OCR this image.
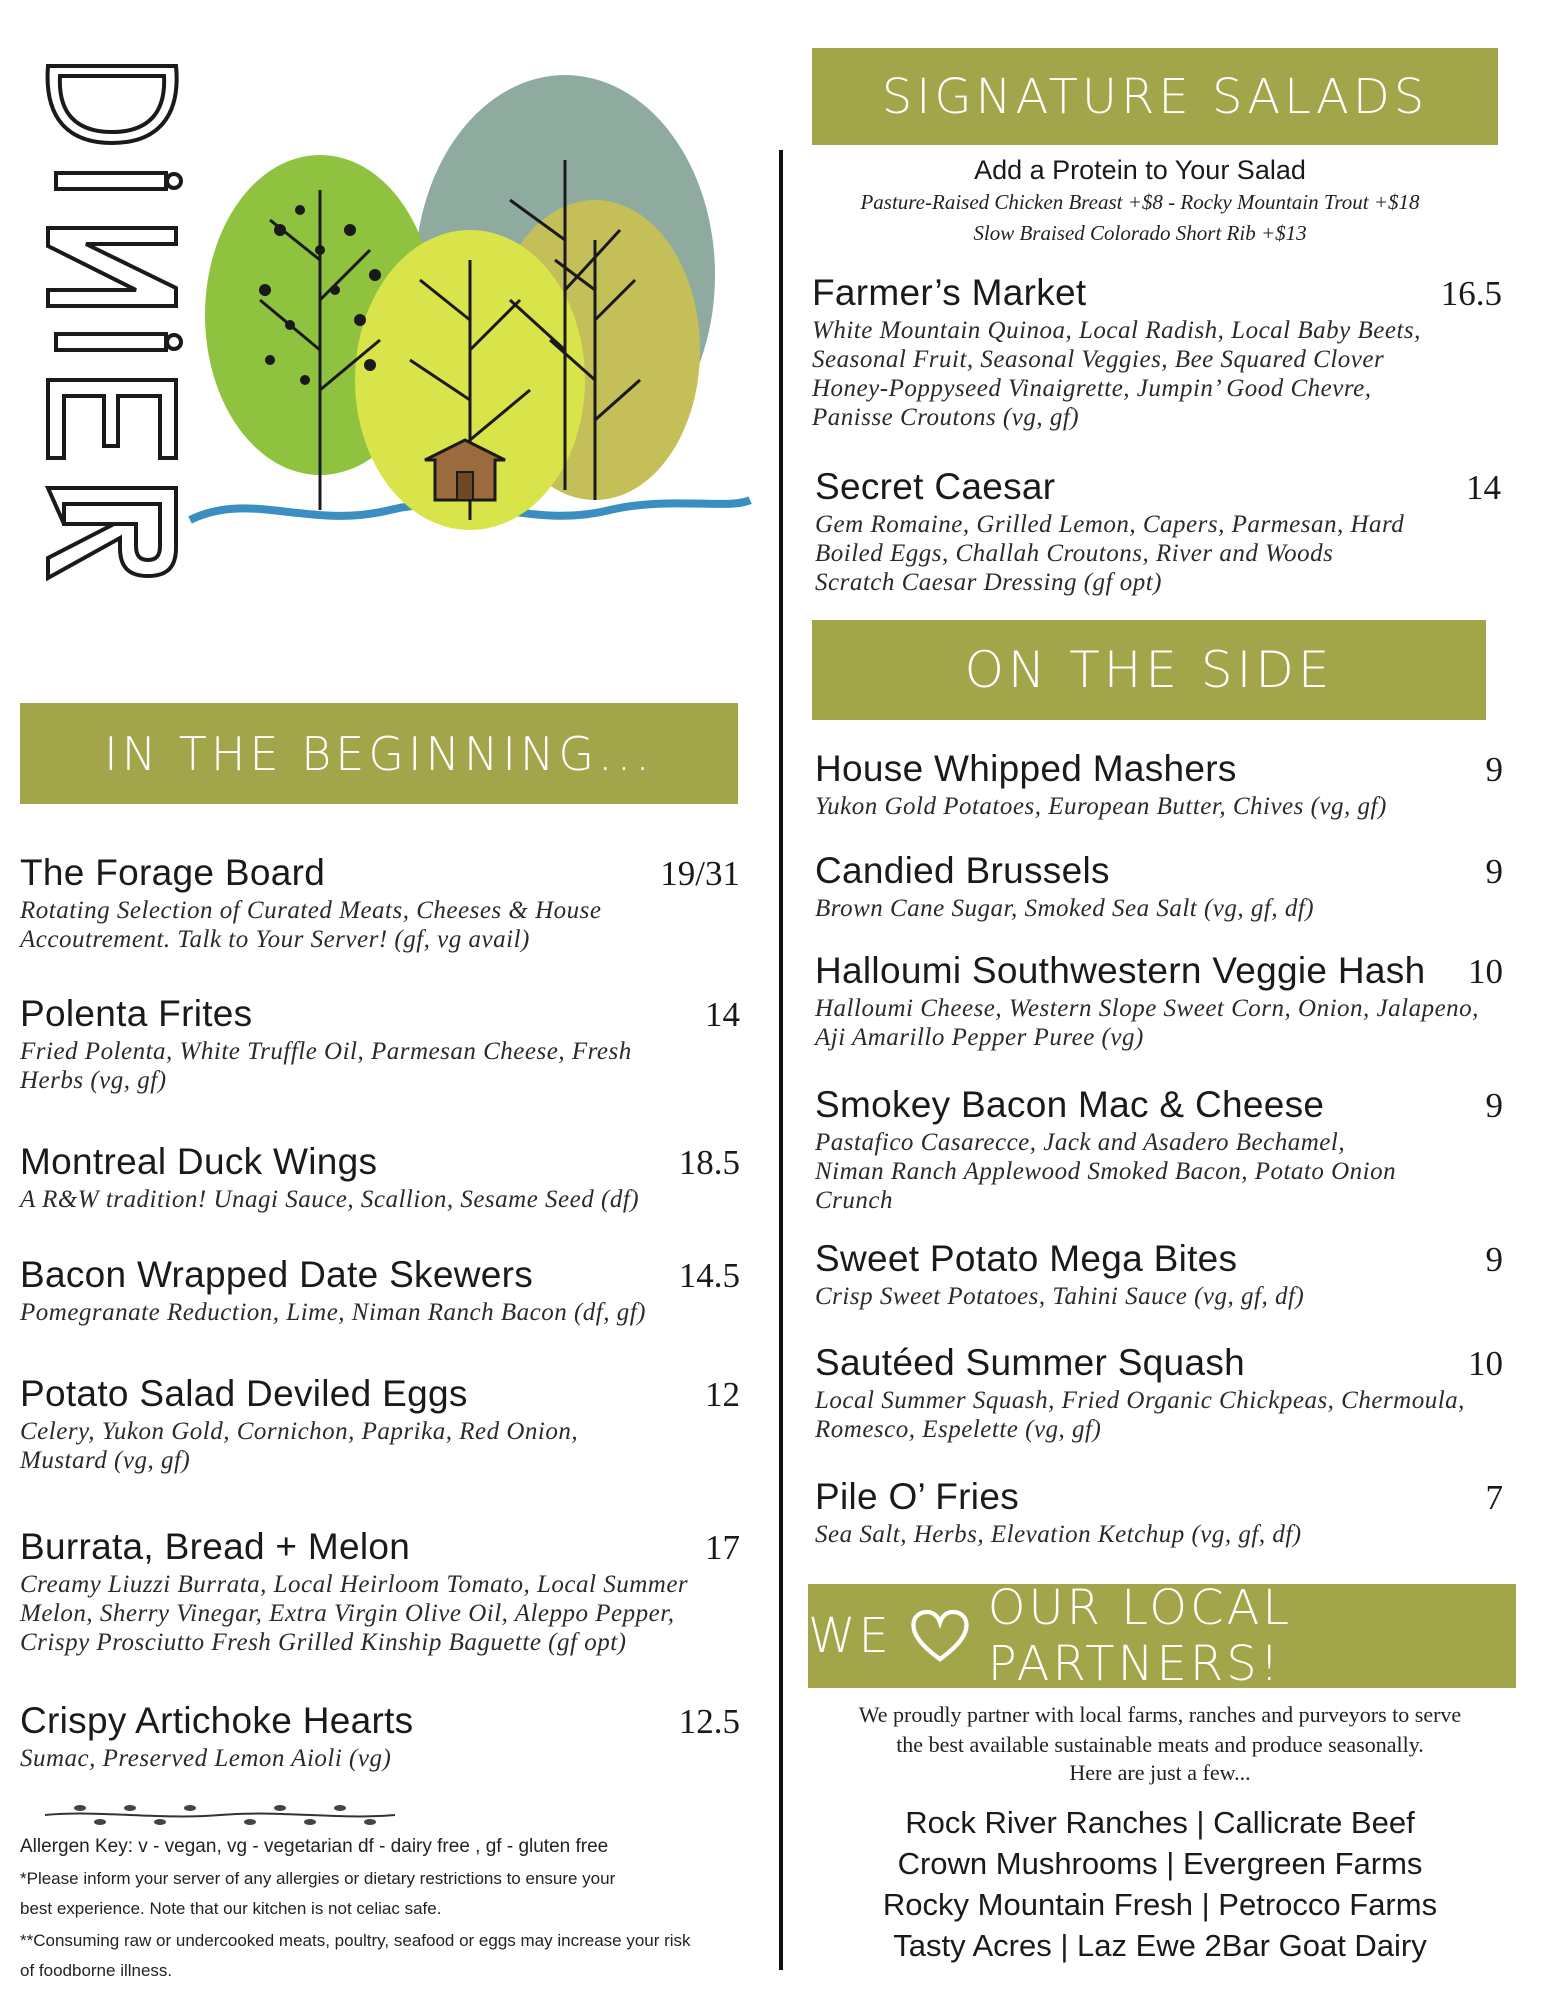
IN THE BEGINNING...
The Forage Board	19/31
Rotating Selection of Curated Meats, Cheeses & House Accoutrement. Talk to Your Server! (gf, vg avail)
Polenta Frites	14
Fried Polenta, White Truffle Oil, Parmesan Cheese, Fresh Herbs (vg, gf)
Montreal Duck Wings	18.5
A R&W tradition! Unagi Sauce, Scallion, Sesame Seed (df)
Bacon Wrapped Date Skewers	14.5
Pomegranate Reduction, Lime, Niman Ranch Bacon (df, gf)
Potato Salad Deviled Eggs	12
Celery, Yukon Gold, Cornichon, Paprika, Red Onion, Mustard (vg, gf)
Burrata, Bread + Melon	17
Creamy Liuzzi Burrata, Local Heirloom Tomato, Local Summer Melon, Sherry Vinegar, Extra Virgin Olive Oil, Aleppo Pepper, Crispy Prosciutto Fresh Grilled Kinship Baguette (gf opt)
Crispy Artichoke Hearts	12.5
Sumac, Preserved Lemon Aioli (vg)
Allergen Key: v - vegan, vg - vegetarian df - dairy free , gf - gluten free
*Please inform your server of any allergies or dietary restrictions to ensure your
best experience. Note that our kitchen is not celiac safe.
**Consuming raw or undercooked meats, poultry, seafood or eggs may increase your risk
of foodborne illness.
SIGNATURE SALADS
Add a Protein to Your Salad
Pasture-Raised Chicken Breast +$8 - Rocky Mountain Trout +$18
Slow Braised Colorado Short Rib +$13
Farmer’s Market	16.5
White Mountain Quinoa, Local Radish, Local Baby Beets, Seasonal Fruit, Seasonal Veggies, Bee Squared Clover Honey-Poppyseed Vinaigrette, Jumpin’ Good Chevre, Panisse Croutons (vg, gf)
Secret Caesar	14
Gem Romaine, Grilled Lemon, Capers, Parmesan, Hard Boiled Eggs, Challah Croutons, River and Woods Scratch Caesar Dressing (gf opt)
ON THE SIDE
House Whipped Mashers	9
Yukon Gold Potatoes, European Butter, Chives (vg, gf)
Candied Brussels	9
Brown Cane Sugar, Smoked Sea Salt (vg, gf, df)
Halloumi Southwestern Veggie Hash 10
Halloumi Cheese, Western Slope Sweet Corn, Onion, Jalapeno, Aji Amarillo Pepper Puree (vg)
Smokey Bacon Mac & Cheese	9
Pastafico Casarecce, Jack and Asadero Bechamel, Niman Ranch Applewood Smoked Bacon, Potato Onion Crunch
Sweet Potato Mega Bites	9
Crisp Sweet Potatoes, Tahini Sauce (vg, gf, df)
Sautéed Summer Squash	10
Local Summer Squash, Fried Organic Chickpeas, Chermoula, Romesco, Espelette (vg, gf)
Pile O’ Fries	7
Sea Salt, Herbs, Elevation Ketchup (vg, gf, df)
WE OUR LOCAL PARTNERS!
We proudly partner with local farms, ranches and purveyors to serve
the best available sustainable meats and produce seasonally.
Here are just a few...
Rock River Ranches | Callicrate Beef
Crown Mushrooms | Evergreen Farms
Rocky Mountain Fresh | Petrocco Farms
Tasty Acres | Laz Ewe 2Bar Goat Dairy
